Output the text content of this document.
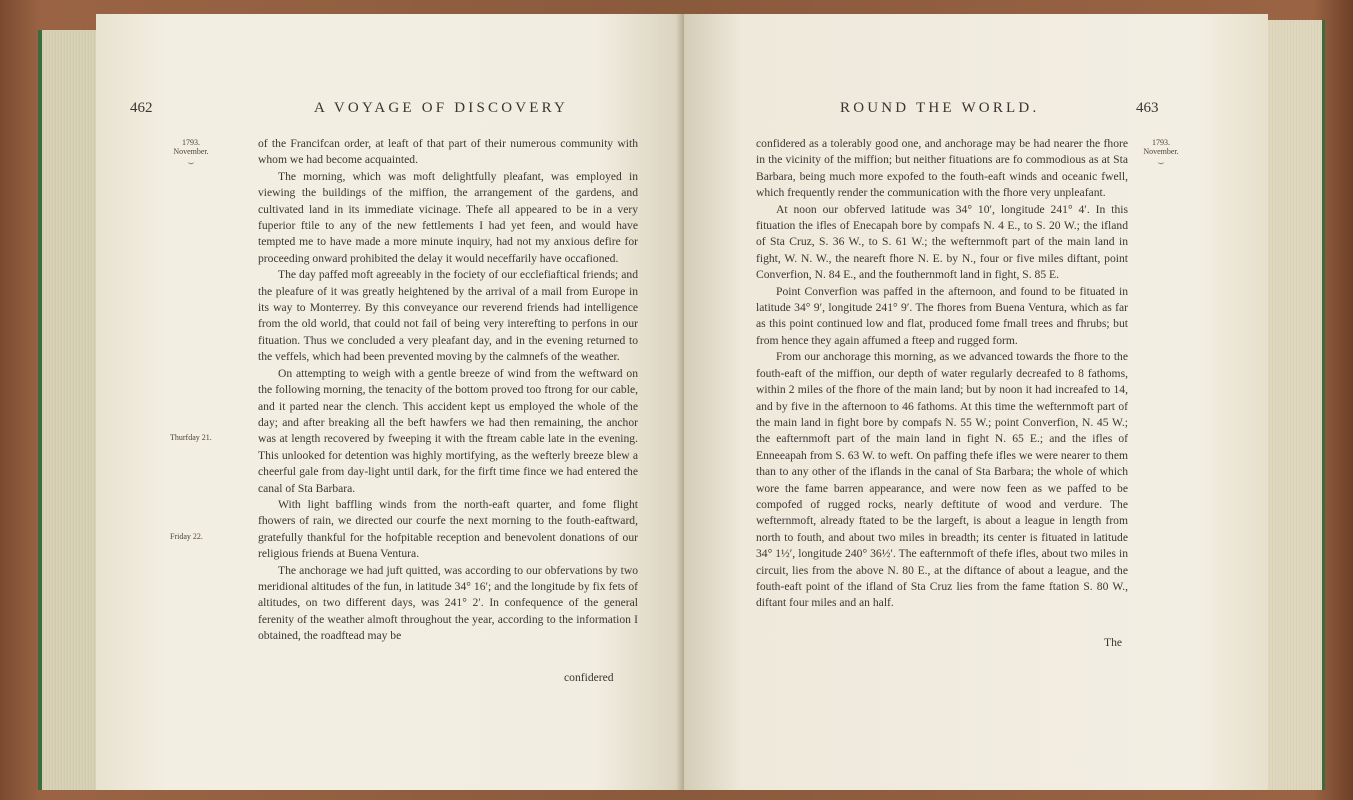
462	A VOYAGE OF DISCOVERY
1793.
November.
⏟
Thurfday 21.
Friday 22.

of the Francifcan order, at leaft of that part of their numerous community with whom we had become acquainted.

The morning, which was moft delightfully pleafant, was employed in viewing the buildings of the miffion, the arrangement of the gardens, and cultivated land in its immediate vicinage. Thefe all appeared to be in a very fuperior ftile to any of the new fettlements I had yet feen, and would have tempted me to have made a more minute inquiry, had not my anxious defire for proceeding onward prohibited the delay it would neceffarily have occafioned.

The day paffed moft agreeably in the fociety of our ecclefiaftical friends; and the pleafure of it was greatly heightened by the arrival of a mail from Europe in its way to Monterrey. By this conveyance our reverend friends had intelligence from the old world, that could not fail of being very interefting to perfons in our fituation. Thus we concluded a very pleafant day, and in the evening returned to the veffels, which had been prevented moving by the calmnefs of the weather.

On attempting to weigh with a gentle breeze of wind from the weftward on the following morning, the tenacity of the bottom proved too ftrong for our cable, and it parted near the clench. This accident kept us employed the whole of the day; and after breaking all the beft hawfers we had then remaining, the anchor was at length recovered by fweeping it with the ftream cable late in the evening. This unlooked for detention was highly mortifying, as the wefterly breeze blew a cheerful gale from day-light until dark, for the firft time fince we had entered the canal of Sta Barbara.

With light baffling winds from the north-eaft quarter, and fome flight fhowers of rain, we directed our courfe the next morning to the fouth-eaftward, gratefully thankful for the hofpitable reception and benevolent donations of our religious friends at Buena Ventura.

The anchorage we had juft quitted, was according to our obfervations by two meridional altitudes of the fun, in latitude 34° 16′; and the longitude by fix fets of altitudes, on two different days, was 241° 2′. In confequence of the general ferenity of the weather almoft throughout the year, according to the information I obtained, the roadftead may be

confidered
ROUND THE WORLD.	463
1793.
November.
⏟

confidered as a tolerably good one, and anchorage may be had nearer the fhore in the vicinity of the miffion; but neither fituations are fo commodious as at Sta Barbara, being much more expofed to the fouth-eaft winds and oceanic fwell, which frequently render the communication with the fhore very unpleafant.

At noon our obferved latitude was 34° 10′, longitude 241° 4′. In this fituation the ifles of Enecapah bore by compafs N. 4 E., to S. 20 W.; the ifland of Sta Cruz, S. 36 W., to S. 61 W.; the wefternmoft part of the main land in fight, W. N. W., the neareft fhore N. E. by N., four or five miles diftant, point Converfion, N. 84 E., and the fouthernmoft land in fight, S. 85 E.

Point Converfion was paffed in the afternoon, and found to be fituated in latitude 34° 9′, longitude 241° 9′. The fhores from Buena Ventura, which as far as this point continued low and flat, produced fome fmall trees and fhrubs; but from hence they again affumed a fteep and rugged form.

From our anchorage this morning, as we advanced towards the fhore to the fouth-eaft of the miffion, our depth of water regularly decreafed to 8 fathoms, within 2 miles of the fhore of the main land; but by noon it had increafed to 14, and by five in the afternoon to 46 fathoms. At this time the wefternmoft part of the main land in fight bore by compafs N. 55 W.; point Converfion, N. 45 W.; the eafternmoft part of the main land in fight N. 65 E.; and the ifles of Enneeapah from S. 63 W. to weft. On paffing thefe ifles we were nearer to them than to any other of the iflands in the canal of Sta Barbara; the whole of which wore the fame barren appearance, and were now feen as we paffed to be compofed of rugged rocks, nearly deftitute of wood and verdure. The wefternmoft, already ftated to be the largeft, is about a league in length from north to fouth, and about two miles in breadth; its center is fituated in latitude 34° 1½′, longitude 240° 36½′. The eafternmoft of thefe ifles, about two miles in circuit, lies from the above N. 80 E., at the diftance of about a league, and the fouth-eaft point of the ifland of Sta Cruz lies from the fame ftation S. 80 W., diftant four miles and an half.

The
